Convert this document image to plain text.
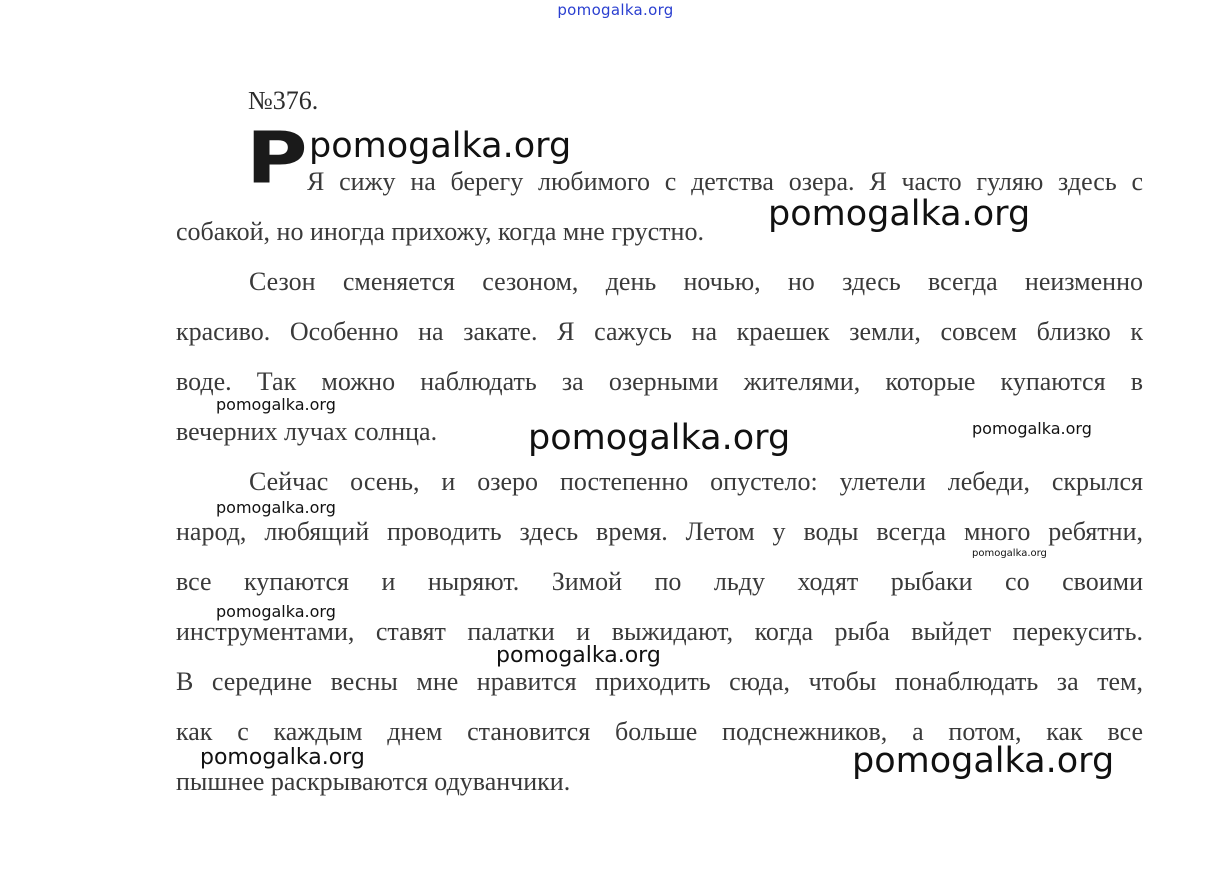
pomogalka.org
№376.
Р Я сижу на берегу любимого с детства озера. Я часто гуляю здесь с
собакой, но иногда прихожу, когда мне грустно.
Сезон сменяется сезоном, день ночью, но здесь всегда неизменно
красиво. Особенно на закате. Я сажусь на краешек земли, совсем близко к
воде. Так можно наблюдать за озерными жителями, которые купаются в
вечерних лучах солнца.
Сейчас осень, и озеро постепенно опустело: улетели лебеди, скрылся
народ, любящий проводить здесь время. Летом у воды всегда много ребятни,
все купаются и ныряют. Зимой по льду ходят рыбаки со своими
инструментами, ставят палатки и выжидают, когда рыба выйдет перекусить.
В середине весны мне нравится приходить сюда, чтобы понаблюдать за тем,
как с каждым днем становится больше подснежников, а потом, как все
пышнее раскрываются одуванчики.
pomogalka.org
pomogalka.org
pomogalka.org
pomogalka.org	pomogalka.org
pomogalka.org
pomogalka.org
pomogalka.org
pomogalka.org
pomogalka.org	pomogalka.org
